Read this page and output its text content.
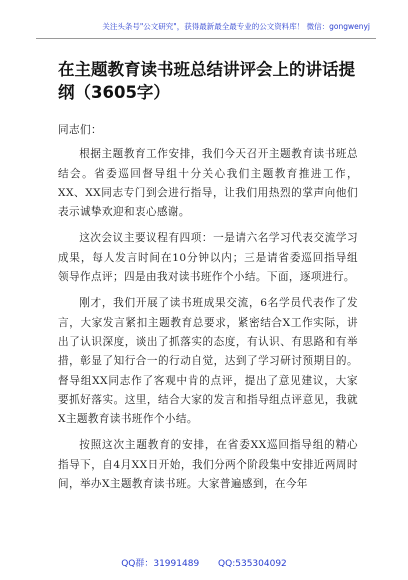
关注头条号"公文研究"，获得最新最全最专业的公文资料库！ 微信：gongwenyj
在主题教育读书班总结讲评会上的讲话提纲（3605字）

同志们：

根据主题教育工作安排，我们今天召开主题教育读书班总结会。省委巡回督导组十分关心我们主题教育推进工作，XX、XX同志专门到会进行指导，让我们用热烈的掌声向他们表示诚挚欢迎和衷心感谢。

这次会议主要议程有四项：一是请六名学习代表交流学习成果，每人发言时间在10分钟以内；三是请省委巡回指导组领导作点评；四是由我对读书班作个小结。下面，逐项进行。

刚才，我们开展了读书班成果交流，6名学员代表作了发言，大家发言紧扣主题教育总要求，紧密结合X工作实际，讲出了认识深度，谈出了抓落实的态度，有认识、有思路和有举措，彰显了知行合一的行动自觉，达到了学习研讨预期目的。督导组XX同志作了客观中肯的点评，提出了意见建议，大家要抓好落实。这里，结合大家的发言和指导组点评意见，我就X主题教育读书班作个小结。

按照这次主题教育的安排，在省委XX巡回指导组的精心指导下，自4月XX日开始，我们分两个阶段集中安排近两周时间，举办X主题教育读书班。大家普遍感到，在今年

QQ群：31991489 QQ:535304092
